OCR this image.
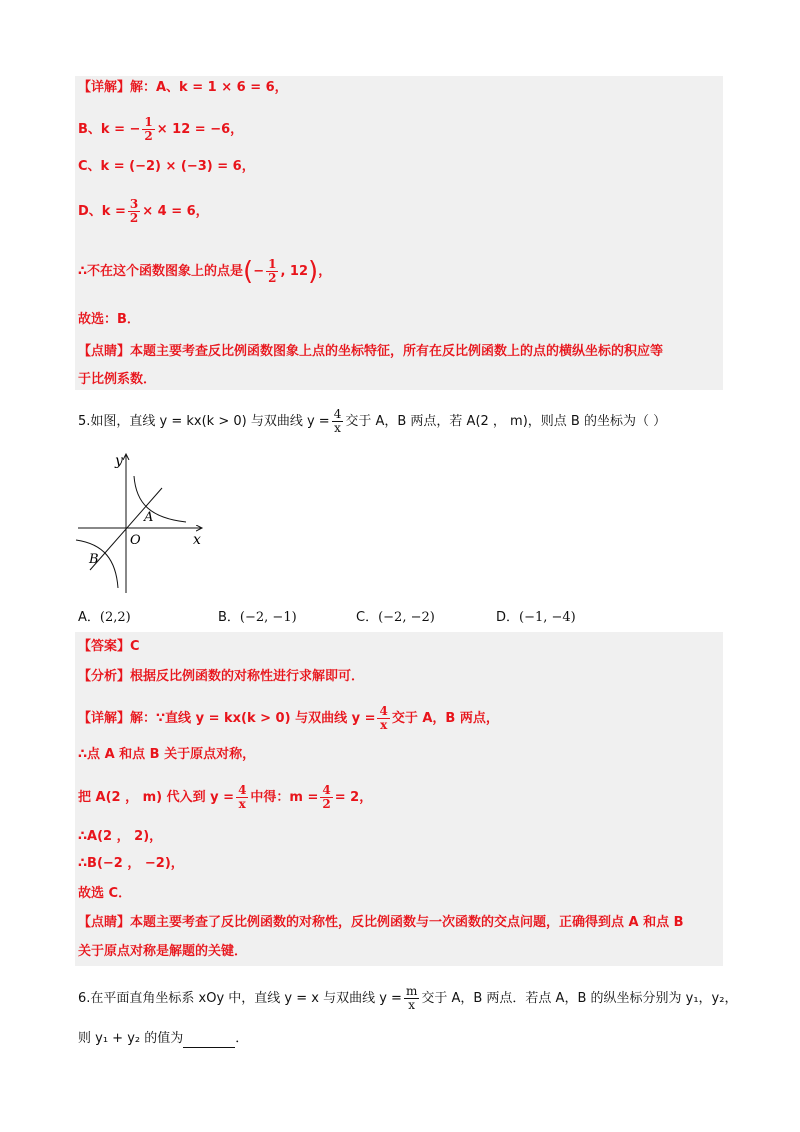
【详解】解：A、k = 1 × 6 = 6，
B、k = − $\frac{1}{2} \times 12 = -6$，
C、k = (−2) × (−3) = 6，
D、$k = \frac{3}{2} \times 4 = 6$，
∴不在这个函数图象上的点是(− $\frac{1}{2}$ , 12)，
故选：B．
【点睛】本题主要考查反比例函数图象上点的坐标特征，所有在反比例函数上的点的横纵坐标的积应等
于比例系数．
5.如图，直线 y = kx(k > 0) 与双曲线 $y = \frac{4}{x}$ 交于 A，B 两点，若 A(2 ， m)，则点 B 的坐标为（ ）
y
x
O
A
B
A．(2,2)	B．(−2, −1)	C．(−2, −2)	D．(−1, −4)
【答案】C
【分析】根据反比例函数的对称性进行求解即可．
【详解】解：∵直线 y = kx(k > 0) 与双曲线 $y = \frac{4}{x}$ 交于 A，B 两点，
∴点 A 和点 B 关于原点对称，
把 A(2 ， m) 代入到 $y = \frac{4}{x}$ 中得：$m = \frac{4}{2} = 2$，
∴A(2 ， 2)，
∴B(−2 ， −2)，
故选 C．
【点睛】本题主要考查了反比例函数的对称性，反比例函数与一次函数的交点问题，正确得到点 A 和点 B
关于原点对称是解题的关键．
6.在平面直角坐标系 xOy 中，直线 y = x 与双曲线 $y = \frac{m}{x}$ 交于 A，B 两点．若点 A，B 的纵坐标分别为 y₁，y₂，
则 y₁ + y₂ 的值为	．
